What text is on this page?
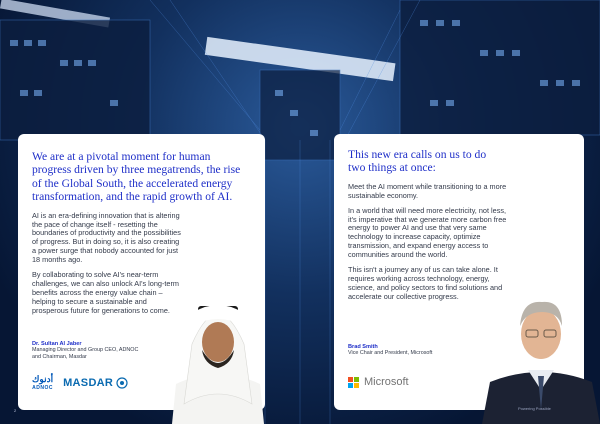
We are at a pivotal moment for human progress driven by three megatrends, the rise of the Global South, the accelerated energy transformation, and the rapid growth of AI.

AI is an era-defining innovation that is altering the pace of change itself - resetting the boundaries of productivity and the possibilities of progress. But in doing so, it is also creating a power surge that nobody accounted for just 18 months ago.

By collaborating to solve AI's near-term challenges, we can also unlock AI's long-term benefits across the energy value chain – helping to secure a sustainable and prosperous future for generations to come.

Dr. Sultan Al Jaber

Managing Director and Group CEO, ADNOC

and Chairman, Masdar

أدنوك
ADNOC MASDAR
This new era calls on us to do two things at once:

Meet the AI moment while transitioning to a more sustainable economy.

In a world that will need more electricity, not less, it's imperative that we generate more carbon free energy to power AI and use that very same technology to increase capacity, optimize transmission, and expand energy access to communities around the world.

This isn't a journey any of us can take alone. It requires working across technology, energy, science, and policy sectors to find solutions and accelerate our collective progress.

Brad Smith

Vice Chair and President, Microsoft

Microsoft
2	Powering Possible
